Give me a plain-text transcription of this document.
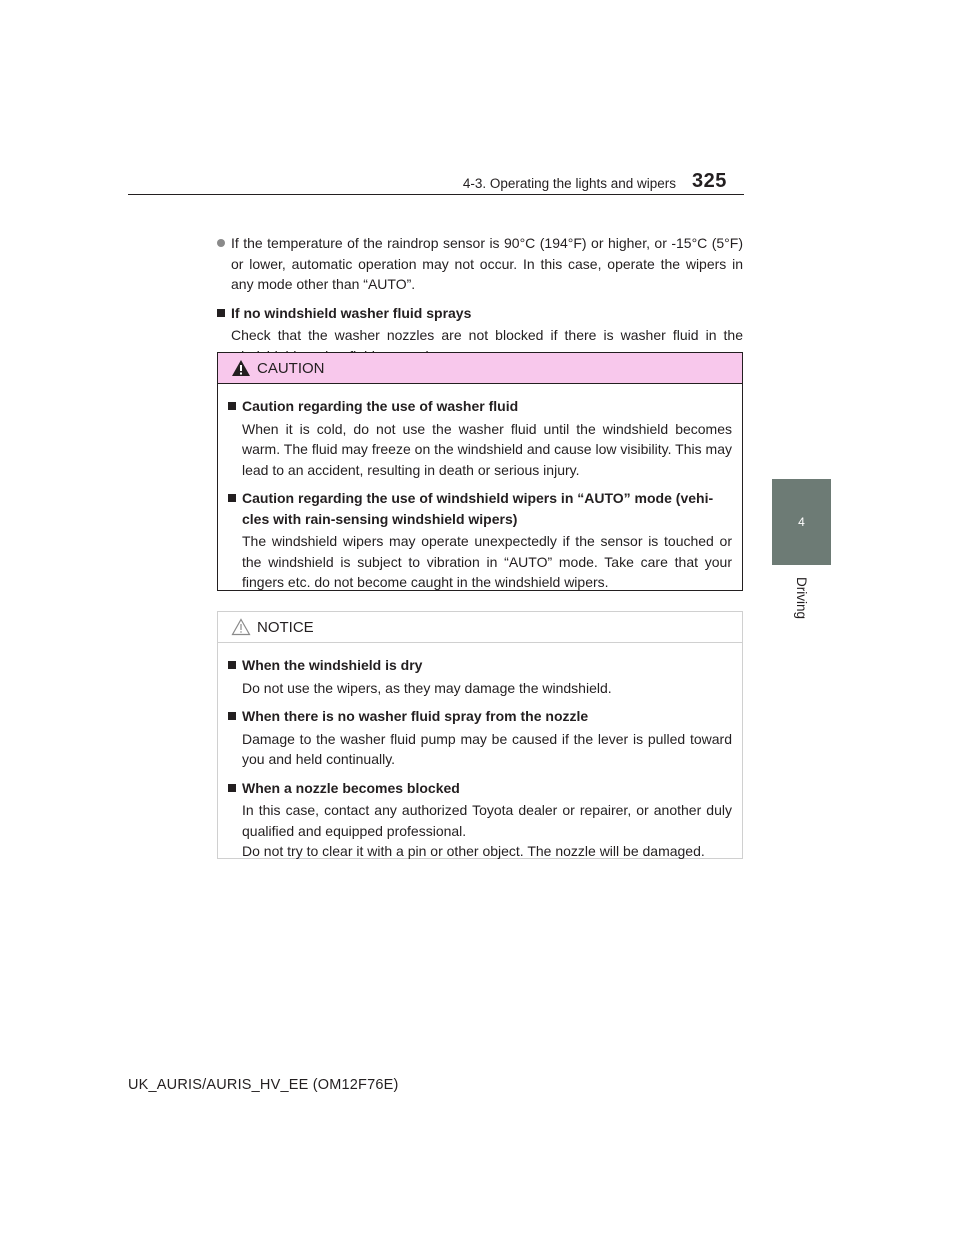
4-3. Operating the lights and wipers 325
4
Driving
If the temperature of the raindrop sensor is 90°C (194°F) or higher, or -15°C (5°F) or lower, automatic operation may not occur. In this case, operate the wipers in any mode other than “AUTO”.
If no windshield washer fluid sprays
Check that the washer nozzles are not blocked if there is washer fluid in the
CAUTION
Caution regarding the use of washer fluid
When it is cold, do not use the washer fluid until the windshield becomes warm. The fluid may freeze on the windshield and cause low visibility. This may lead to an accident, resulting in death or serious injury.
Caution regarding the use of windshield wipers in “AUTO” mode (vehi-cles with rain-sensing windshield wipers)
The windshield wipers may operate unexpectedly if the sensor is touched or the windshield is subject to vibration in “AUTO” mode. Take care that your fingers etc. do not become caught in the windshield wipers.
NOTICE
When the windshield is dry
Do not use the wipers, as they may damage the windshield.
When there is no washer fluid spray from the nozzle
Damage to the washer fluid pump may be caused if the lever is pulled toward you and held continually.
When a nozzle becomes blocked
In this case, contact any authorized Toyota dealer or repairer, or another duly qualified and equipped professional.
Do not try to clear it with a pin or other object. The nozzle will be damaged.
UK_AURIS/AURIS_HV_EE (OM12F76E)
